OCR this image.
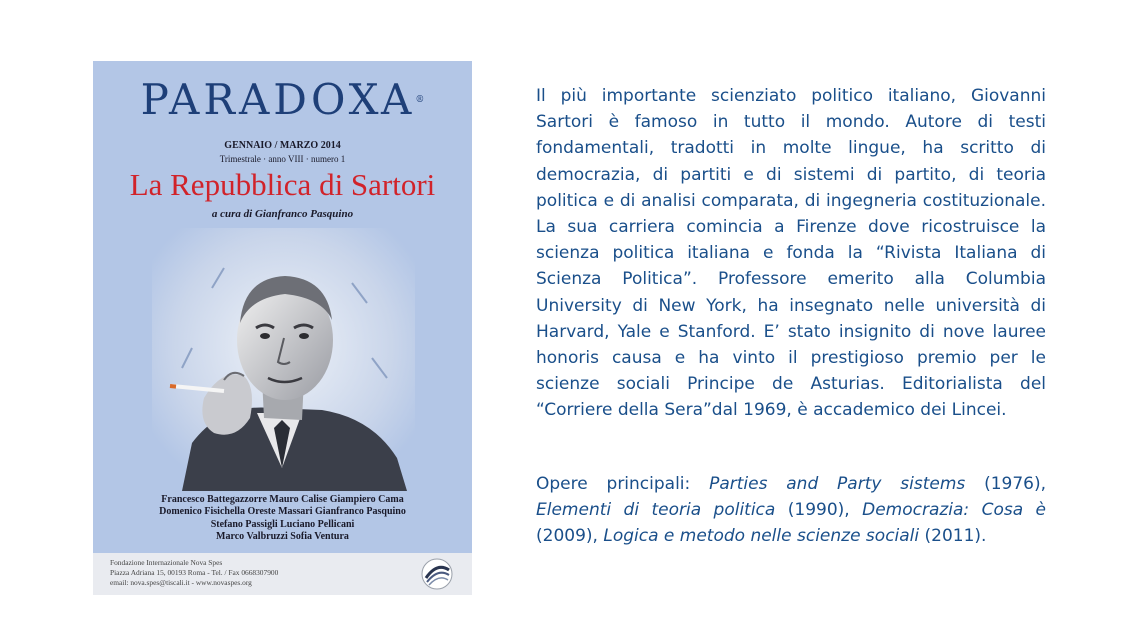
PARADOXA®
GENNAIO / MARZO 2014
Trimestrale · anno VIII · numero 1
La Repubblica di Sartori
a cura di Gianfranco Pasquino
Francesco Battegazzorre Mauro Calise Giampiero Cama
Domenico Fisichella Oreste Massari Gianfranco Pasquino
Stefano Passigli Luciano Pellicani
Marco Valbruzzi Sofia Ventura
Fondazione Internazionale Nova Spes
Piazza Adriana 15, 00193 Roma - Tel. / Fax 0668307900
email: nova.spes@tiscali.it - www.novaspes.org

Il più importante scienziato politico italiano, Giovanni Sartori è famoso in tutto il mondo. Autore di testi fondamentali, tradotti in molte lingue, ha scritto di democrazia, di partiti e di sistemi di partito, di teoria politica e di analisi comparata, di ingegneria costituzionale. La sua carriera comincia a Firenze dove ricostruisce la scienza politica italiana e fonda la “Rivista Italiana di Scienza Politica”. Professore emerito alla Columbia University di New York, ha insegnato nelle università di Harvard, Yale e Stanford. E’ stato insignito di nove lauree honoris causa e ha vinto il prestigioso premio per le scienze sociali Principe de Asturias. Editorialista del “Corriere della Sera”dal 1969, è accademico dei Lincei.

Opere principali: Parties and Party sistems (1976), Elementi di teoria politica (1990), Democrazia: Cosa è (2009), Logica e metodo nelle scienze sociali (2011).
